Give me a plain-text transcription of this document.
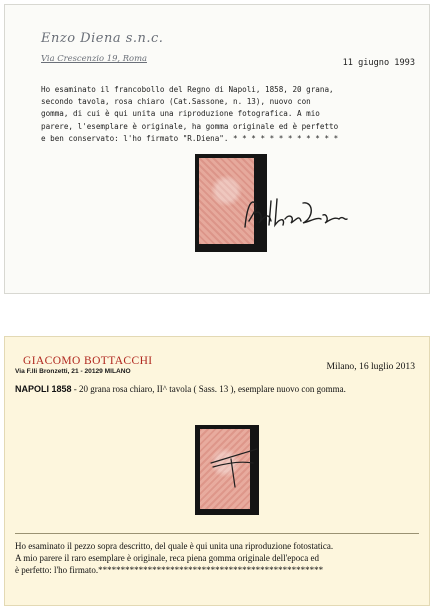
Enzo Diena s.n.c.
Via Crescenzio 19, Roma	11 giugno 1993
Ho esaminato il francobollo del Regno di Napoli, 1858, 20 grana,
secondo tavola, rosa chiaro (Cat.Sassone, n. 13), nuovo con
gomma, di cui è qui unita una riproduzione fotografica. A mio
parere, l'esemplare è originale, ha gomma originale ed è perfetto
e ben conservato: l'ho firmato "R.Diena". * * * * * * * * * * * *
GIACOMO BOTTACCHI
Via F.lli Bronzetti, 21 - 20129 MILANO	Milano, 16 luglio 2013
NAPOLI 1858 - 20 grana rosa chiaro, II^ tavola ( Sass. 13 ), esemplare nuovo con gomma.
Ho esaminato il pezzo sopra descritto, del quale è qui unita una riproduzione fotostatica.
A mio parere il raro esemplare è originale, reca piena gomma originale dell'epoca ed
è perfetto: l'ho firmato.**************************************************
